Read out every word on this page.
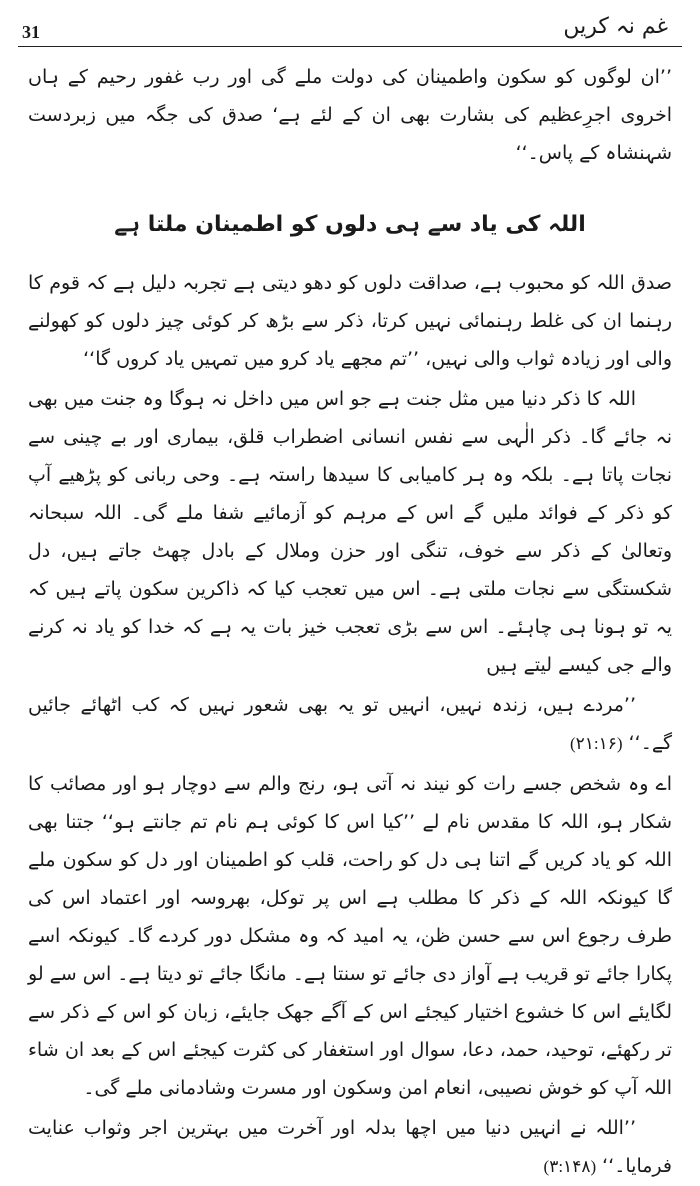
31	غم نہ کریں

’’ان لوگوں کو سکون واطمینان کی دولت ملے گی اور رب غفور رحیم کے ہاں اخروی اجرِعظیم کی بشارت بھی ان کے لئے ہے‘ صدق کی جگہ میں زبردست شہنشاہ کے پاس۔‘‘

اللہ کی یاد سے ہی دلوں کو اطمینان ملتا ہے

صدق اللہ کو محبوب ہے، صداقت دلوں کو دھو دیتی ہے تجربہ دلیل ہے کہ قوم کا رہنما ان کی غلط رہنمائی نہیں کرتا، ذکر سے بڑھ کر کوئی چیز دلوں کو کھولنے والی اور زیادہ ثواب والی نہیں، ’’تم مجھے یاد کرو میں تمہیں یاد کروں گا‘‘

اللہ کا ذکر دنیا میں مثل جنت ہے جو اس میں داخل نہ ہوگا وہ جنت میں بھی نہ جائے گا۔ ذکر الٰہی سے نفس انسانی اضطراب قلق، بیماری اور بے چینی سے نجات پاتا ہے۔ بلکہ وہ ہر کامیابی کا سیدھا راستہ ہے۔ وحی ربانی کو پڑھیے آپ کو ذکر کے فوائد ملیں گے اس کے مرہم کو آزمائیے شفا ملے گی۔ اللہ سبحانہ وتعالیٰ کے ذکر سے خوف، تنگی اور حزن وملال کے بادل چھٹ جاتے ہیں، دل شکستگی سے نجات ملتی ہے۔ اس میں تعجب کیا کہ ذاکرین سکون پاتے ہیں کہ یہ تو ہونا ہی چاہئے۔ اس سے بڑی تعجب خیز بات یہ ہے کہ خدا کو یاد نہ کرنے والے جی کیسے لیتے ہیں

’’مردے ہیں، زندہ نہیں، انہیں تو یہ بھی شعور نہیں کہ کب اٹھائے جائیں گے۔‘‘ (۲۱:۱۶)

اے وہ شخص جسے رات کو نیند نہ آتی ہو، رنج والم سے دوچار ہو اور مصائب کا شکار ہو، اللہ کا مقدس نام لے ’’کیا اس کا کوئی ہم نام تم جانتے ہو‘‘ جتنا بھی اللہ کو یاد کریں گے اتنا ہی دل کو راحت، قلب کو اطمینان اور دل کو سکون ملے گا کیونکہ اللہ کے ذکر کا مطلب ہے اس پر توکل، بھروسہ اور اعتماد اس کی طرف رجوع اس سے حسن ظن، یہ امید کہ وہ مشکل دور کردے گا۔ کیونکہ اسے پکارا جائے تو قریب ہے آواز دی جائے تو سنتا ہے۔ مانگا جائے تو دیتا ہے۔ اس سے لو لگایئے اس کا خشوع اختیار کیجئے اس کے آگے جھک جایئے، زبان کو اس کے ذکر سے تر رکھئے، توحید، حمد، دعا، سوال اور استغفار کی کثرت کیجئے اس کے بعد ان شاء اللہ آپ کو خوش نصیبی، انعام امن وسکون اور مسرت وشادمانی ملے گی۔

’’اللہ نے انہیں دنیا میں اچھا بدلہ اور آخرت میں بہترین اجر وثواب عنایت فرمایا۔‘‘ (۳:۱۴۸)
